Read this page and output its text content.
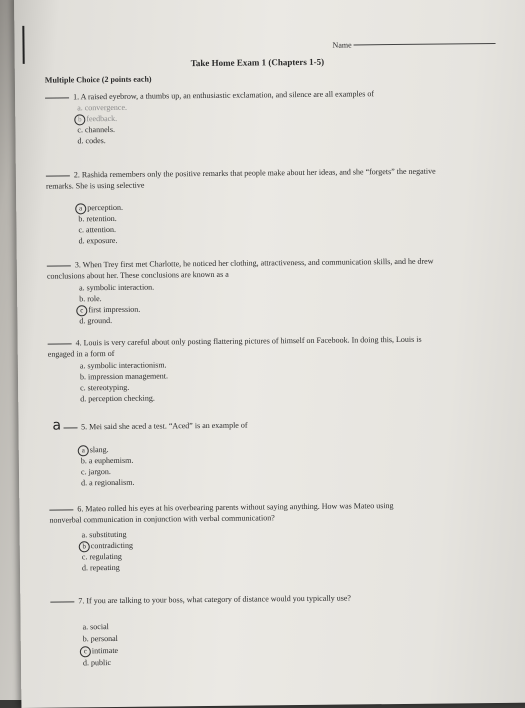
Name
Take Home Exam 1 (Chapters 1-5)
Multiple Choice (2 points each)
1. A raised eyebrow, a thumbs up, an enthusiastic exclamation, and silence are all examples of
a. convergence.
b feedback.
c. channels.
d. codes.
2. Rashida remembers only the positive remarks that people make about her ideas, and she “forgets” the negative
remarks. She is using selective
a perception.
b. retention.
c. attention.
d. exposure.
3. When Trey first met Charlotte, he noticed her clothing, attractiveness, and communication skills, and he drew
conclusions about her. These conclusions are known as a
a. symbolic interaction.
b. role.
c first impression.
d. ground.
4. Louis is very careful about only posting flattering pictures of himself on Facebook. In doing this, Louis is
engaged in a form of
a. symbolic interactionism.
b. impression management.
c. stereotyping.
d. perception checking.
a 5. Mei said she aced a test. “Aced” is an example of
a slang.
b. a euphemism.
c. jargon.
d. a regionalism.
6. Mateo rolled his eyes at his overbearing parents without saying anything. How was Mateo using
nonverbal communication in conjunction with verbal communication?
a. substituting
b contradicting
c. regulating
d. repeating
7. If you are talking to your boss, what category of distance would you typically use?
a. social
b. personal
c intimate
d. public
